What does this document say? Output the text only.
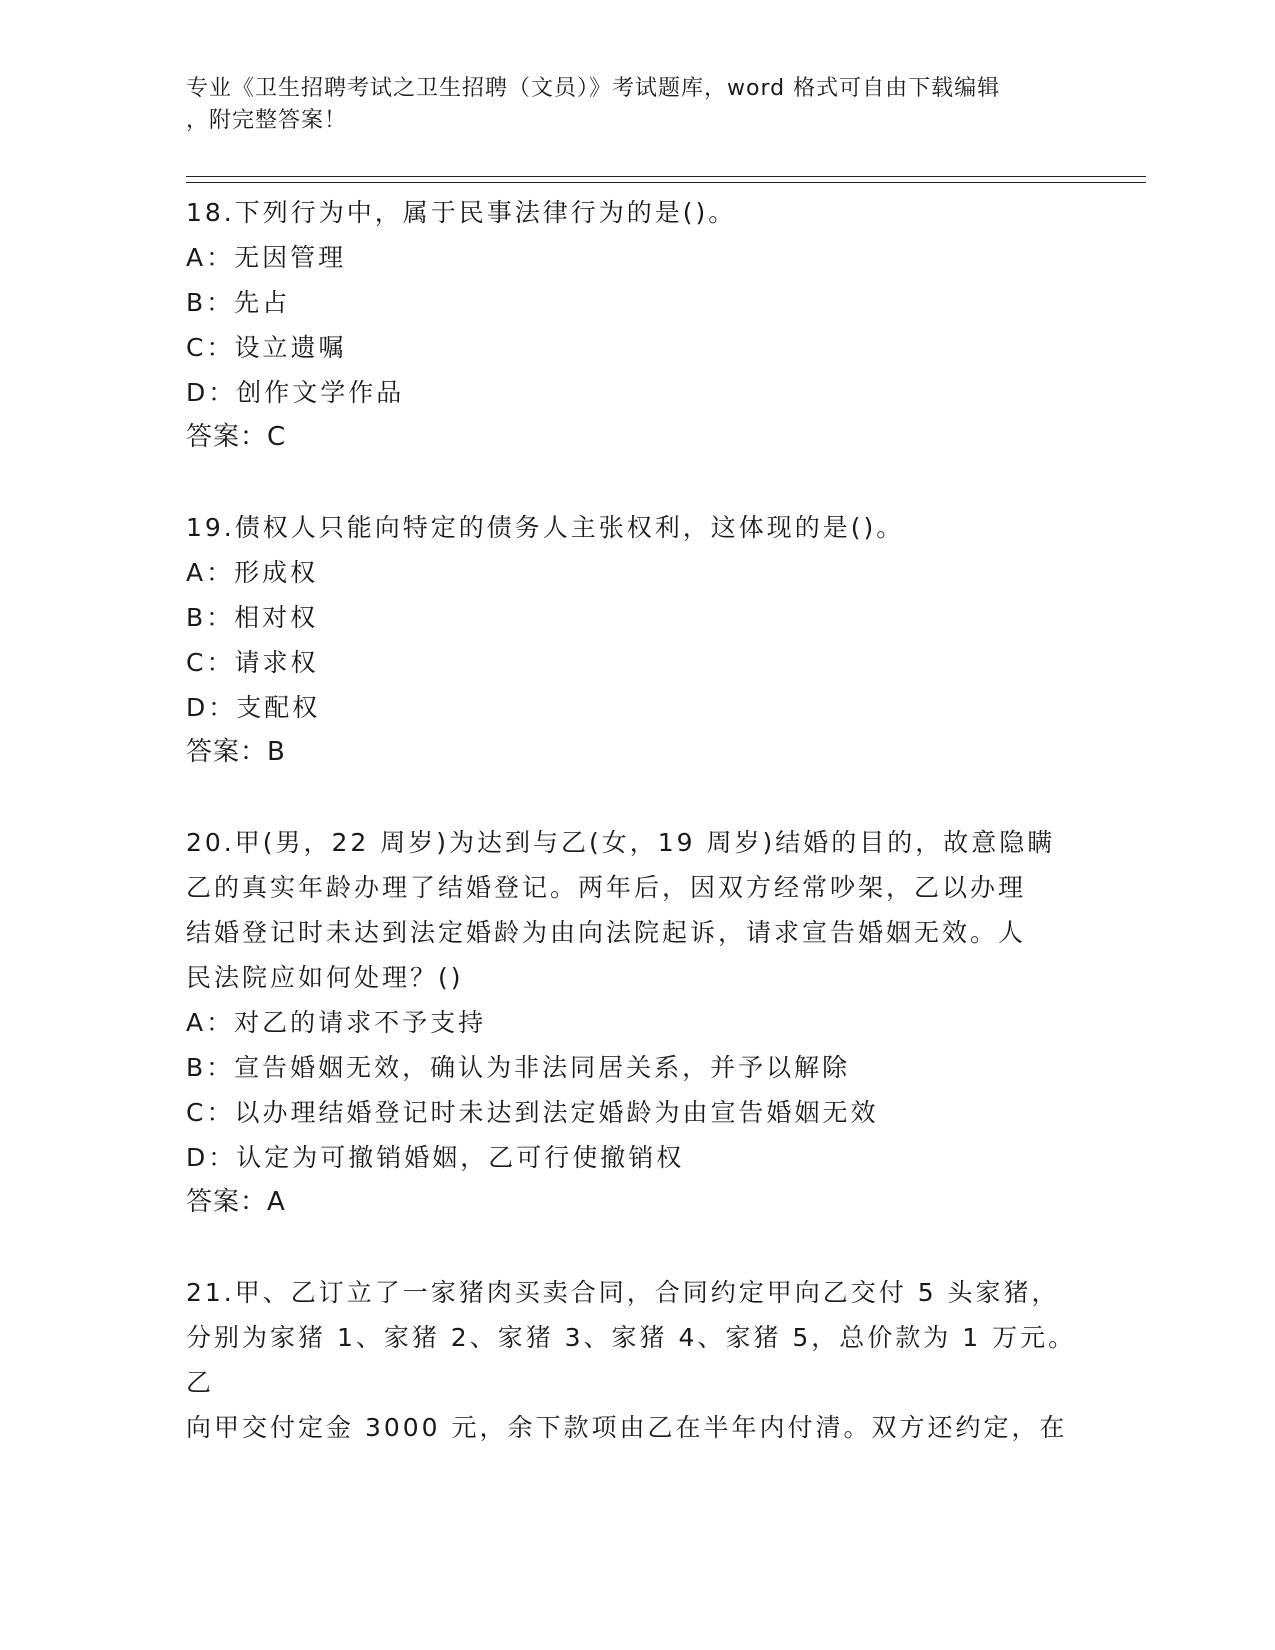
专业《卫生招聘考试之卫生招聘（文员）》考试题库，word 格式可自由下载编辑
，附完整答案！
18.下列行为中，属于民事法律行为的是()。
A：无因管理
B：先占
C：设立遗嘱
D：创作文学作品
答案：C
19.债权人只能向特定的债务人主张权利，这体现的是()。
A：形成权
B：相对权
C：请求权
D：支配权
答案：B
20.甲(男，22 周岁)为达到与乙(女，19 周岁)结婚的目的，故意隐瞒
乙的真实年龄办理了结婚登记。两年后，因双方经常吵架，乙以办理
结婚登记时未达到法定婚龄为由向法院起诉，请求宣告婚姻无效。人
民法院应如何处理？()
A：对乙的请求不予支持
B：宣告婚姻无效，确认为非法同居关系，并予以解除
C：以办理结婚登记时未达到法定婚龄为由宣告婚姻无效
D：认定为可撤销婚姻，乙可行使撤销权
答案：A
21.甲、乙订立了一家猪肉买卖合同，合同约定甲向乙交付 5 头家猪，
分别为家猪 1、家猪 2、家猪 3、家猪 4、家猪 5，总价款为 1 万元。乙
向甲交付定金 3000 元，余下款项由乙在半年内付清。双方还约定，在
